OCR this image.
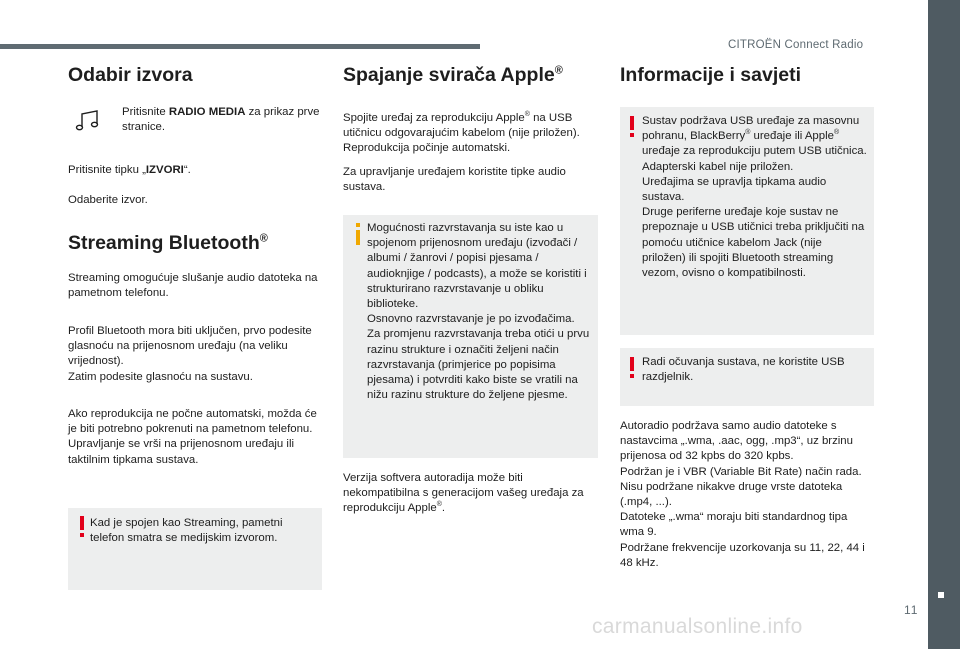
CITROËN Connect Radio
11
carmanualsonline.info
Odabir izvora

Pritisnite RADIO MEDIA za prikaz prve stranice.

Pritisnite tipku „IZVORI“.

Odaberite izvor.

Streaming Bluetooth®

Streaming omogućuje slušanje audio datoteka na pametnom telefonu.

Profil Bluetooth mora biti uključen, prvo podesite glasnoću na prijenosnom uređaju (na veliku vrijednost).
Zatim podesite glasnoću na sustavu.

Ako reprodukcija ne počne automatski, možda će je biti potrebno pokrenuti na pametnom telefonu.
Upravljanje se vrši na prijenosnom uređaju ili taktilnim tipkama sustava.

Kad je spojen kao Streaming, pametni telefon smatra se medijskim izvorom.

Spajanje svirača Apple®

Spojite uređaj za reprodukciju Apple® na USB utičnicu odgovarajućim kabelom (nije priložen). Reprodukcija počinje automatski.

Za upravljanje uređajem koristite tipke audio sustava.

Mogućnosti razvrstavanja su iste kao u spojenom prijenosnom uređaju (izvođači / albumi / žanrovi / popisi pjesama / audioknjige / podcasts), a može se koristiti i strukturirano razvrstavanje u obliku biblioteke.
Osnovno razvrstavanje je po izvođačima.
Za promjenu razvrstavanja treba otići u prvu razinu strukture i označiti željeni način razvrstavanja (primjerice po popisima pjesama) i potvrditi kako biste se vratili na nižu razinu strukture do željene pjesme.

Verzija softvera autoradija može biti nekompatibilna s generacijom vašeg uređaja za reprodukciju Apple®.

Informacije i savjeti

Sustav podržava USB uređaje za masovnu pohranu, BlackBerry® uređaje ili Apple® uređaje za reprodukciju putem USB utičnica. Adapterski kabel nije priložen.
Uređajima se upravlja tipkama audio sustava.
Druge periferne uređaje koje sustav ne prepoznaje u USB utičnici treba priključiti na pomoću utičnice kabelom Jack (nije priložen) ili spojiti Bluetooth streaming vezom, ovisno o kompatibilnosti.

Radi očuvanja sustava, ne koristite USB razdjelnik.

Autoradio podržava samo audio datoteke s nastavcima „.wma, .aac, ogg, .mp3“, uz brzinu prijenosa od 32 kpbs do 320 kpbs.
Podržan je i VBR (Variable Bit Rate) način rada.
Nisu podržane nikakve druge vrste datoteka (.mp4, ...).
Datoteke „.wma“ moraju biti standardnog tipa wma 9.
Podržane frekvencije uzorkovanja su 11, 22, 44 i 48 kHz.
